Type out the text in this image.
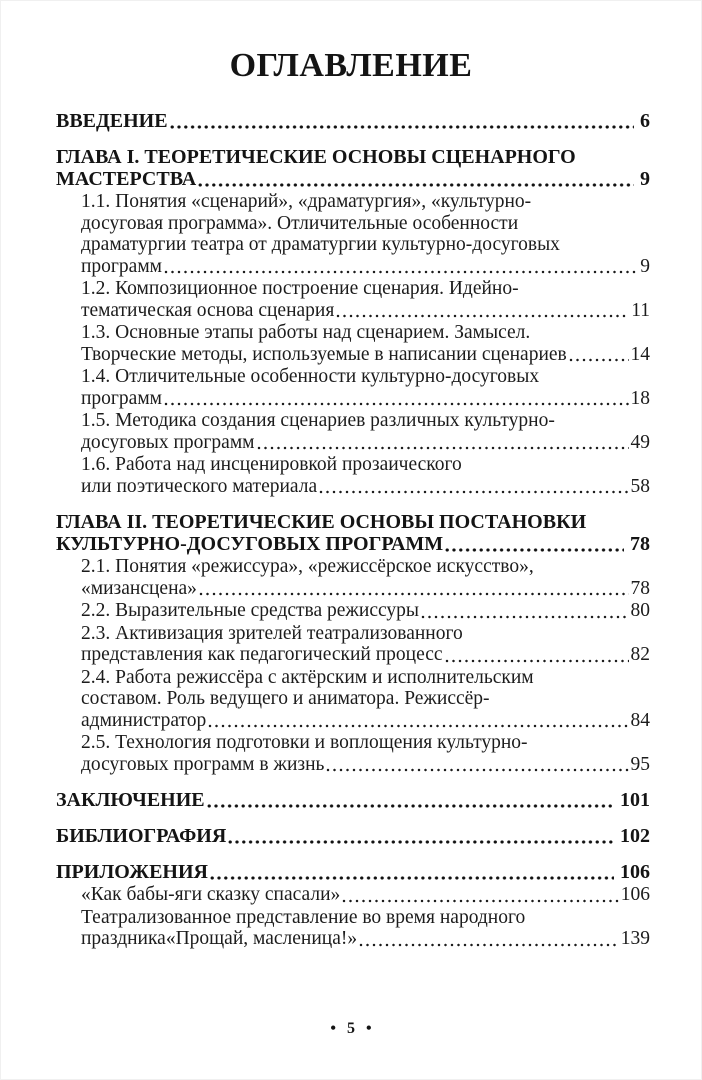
ОГЛАВЛЕНИЕ
ВВЕДЕНИЕ	6
ГЛАВА I. ТЕОРЕТИЧЕСКИЕ ОСНОВЫ СЦЕНАРНОГО
МАСТЕРСТВА	9
1.1. Понятия «сценарий», «драматургия», «культурно-
досуговая программа». Отличительные особенности
драматургии театра от драматургии культурно-досуговых
программ	9
1.2. Композиционное построение сценария. Идейно-
тематическая основа сценария	11
1.3. Основные этапы работы над сценарием. Замысел.
Творческие методы, используемые в написании сценариев	14
1.4. Отличительные особенности культурно-досуговых
программ	18
1.5. Методика создания сценариев различных культурно-
досуговых программ	49
1.6. Работа над инсценировкой прозаического
или поэтического материала	58
ГЛАВА II. ТЕОРЕТИЧЕСКИЕ ОСНОВЫ ПОСТАНОВКИ
КУЛЬТУРНО-ДОСУГОВЫХ ПРОГРАММ	78
2.1. Понятия «режиссура», «режиссёрское искусство»,
«мизансцена»	78
2.2. Выразительные средства режиссуры	80
2.3. Активизация зрителей театрализованного
представления как педагогический процесс	82
2.4. Работа режиссёра с актёрским и исполнительским
составом. Роль ведущего и аниматора. Режиссёр-
администратор	84
2.5. Технология подготовки и воплощения культурно-
досуговых программ в жизнь	95
ЗАКЛЮЧЕНИЕ	101
БИБЛИОГРАФИЯ	102
ПРИЛОЖЕНИЯ	106
«Как бабы-яги сказку спасали»	106
Театрализованное представление во время народного
праздника«Прощай, масленица!»	139
• 5 •
